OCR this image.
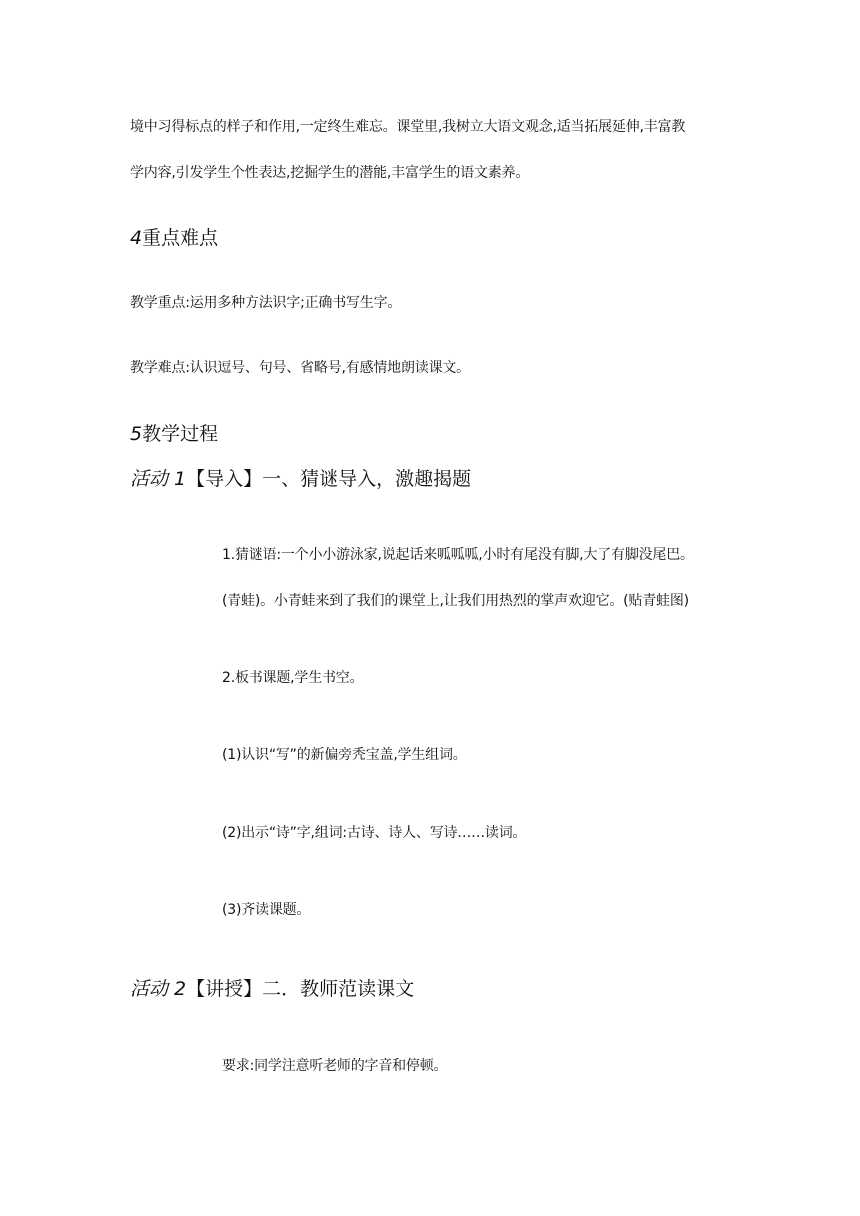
境中习得标点的样子和作用,一定终生难忘。课堂里,我树立大语文观念,适当拓展延伸,丰富教
学内容,引发学生个性表达,挖掘学生的潜能,丰富学生的语文素养。
4重点难点
教学重点:运用多种方法识字;正确书写生字。
教学难点:认识逗号、句号、省略号,有感情地朗读课文。
5教学过程
活动 1【导入】一、猜谜导入，激趣揭题
1.猜谜语:一个小小游泳家,说起话来呱呱呱,小时有尾没有脚,大了有脚没尾巴。
(青蛙)。小青蛙来到了我们的课堂上,让我们用热烈的掌声欢迎它。(贴青蛙图)
2.板书课题,学生书空。
(1)认识“写”的新偏旁秃宝盖,学生组词。
(2)出示“诗”字,组词:古诗、诗人、写诗……读词。
(3)齐读课题。
活动 2【讲授】二．教师范读课文
要求:同学注意听老师的字音和停顿。
